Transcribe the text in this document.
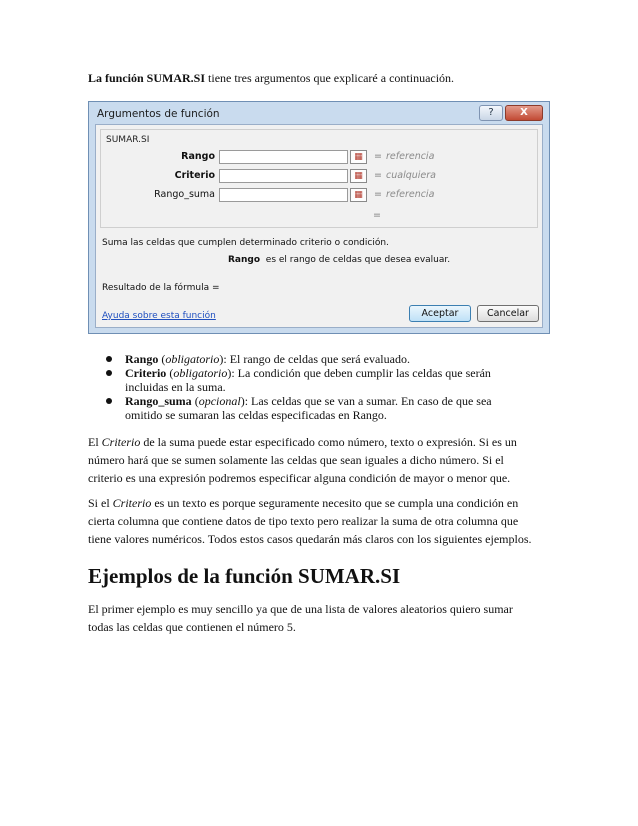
La función SUMAR.SI tiene tres argumentos que explicaré a continuación.
Argumentos de función	?	X
SUMAR.SI
Rango	▦	= referencia
Criterio	▦	= cualquiera
Rango_suma	▦	= referencia
=
Suma las celdas que cumplen determinado criterio o condición.
Rango es el rango de celdas que desea evaluar.
Resultado de la fórmula =
Ayuda sobre esta función	Aceptar	Cancelar
Rango (obligatorio): El rango de celdas que será evaluado.
Criterio (obligatorio): La condición que deben cumplir las celdas que serán incluidas en la suma.
Rango_suma (opcional): Las celdas que se van a sumar. En caso de que sea omitido se sumaran las celdas especificadas en Rango.

El Criterio de la suma puede estar especificado como número, texto o expresión. Si es un número hará que se sumen solamente las celdas que sean iguales a dicho número. Si el criterio es una expresión podremos especificar alguna condición de mayor o menor que.

Si el Criterio es un texto es porque seguramente necesito que se cumpla una condición en cierta columna que contiene datos de tipo texto pero realizar la suma de otra columna que tiene valores numéricos. Todos estos casos quedarán más claros con los siguientes ejemplos.

Ejemplos de la función SUMAR.SI

El primer ejemplo es muy sencillo ya que de una lista de valores aleatorios quiero sumar todas las celdas que contienen el número 5.
